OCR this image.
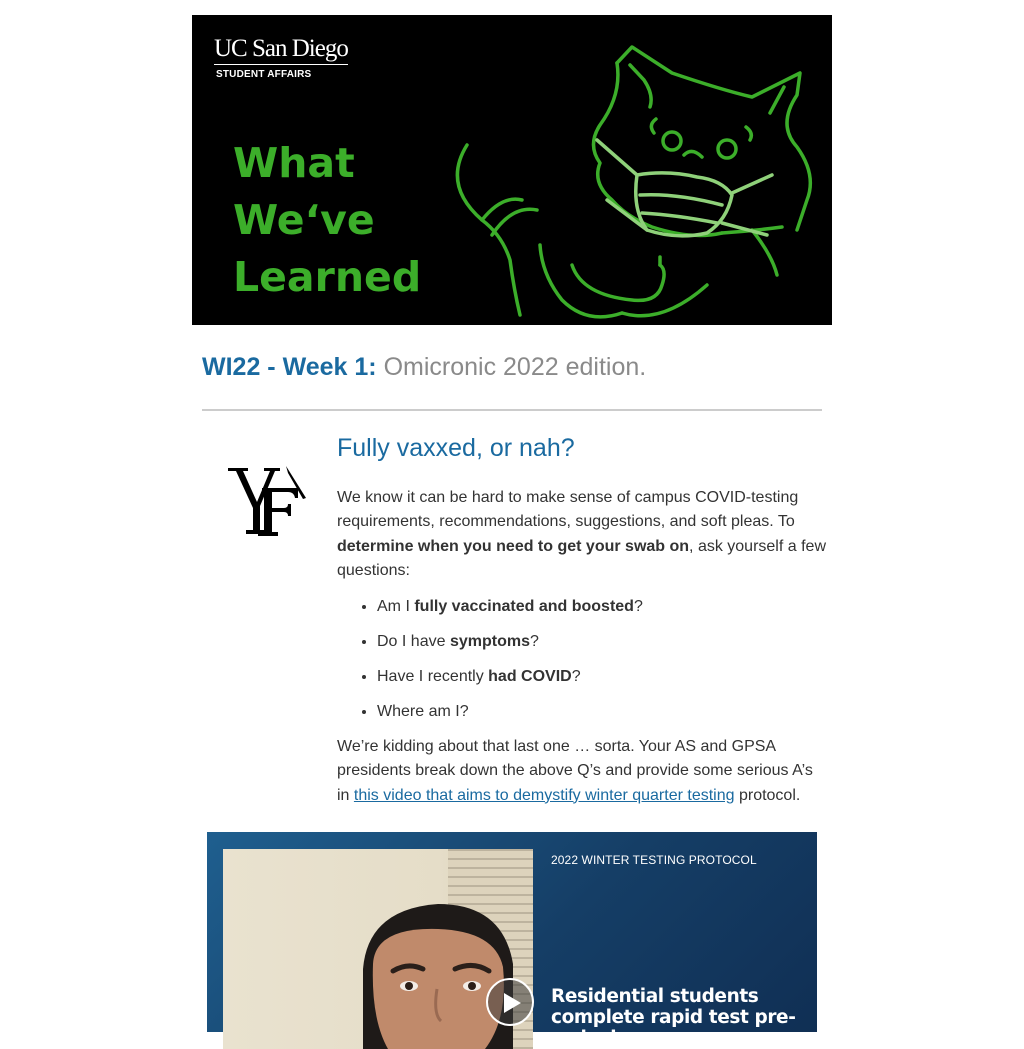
UC San Diego
STUDENT AFFAIRS
What
We‘ve
Learned
WI22 - Week 1: Omicronic 2022 edition.
Fully vaxxed, or nah?

We know it can be hard to make sense of campus COVID-testing requirements, recommendations, suggestions, and soft pleas. To determine when you need to get your swab on, ask yourself a few questions:

• Am I fully vaccinated and boosted?
• Do I have symptoms?
• Have I recently had COVID?
• Where am I?

We’re kidding about that last one … sorta. Your AS and GPSA presidents break down the above Q’s and provide some serious A’s in this video that aims to demystify winter quarter testing protocol.

2022 WINTER TESTING PROTOCOL
Residential students complete rapid test pre-arrival.
